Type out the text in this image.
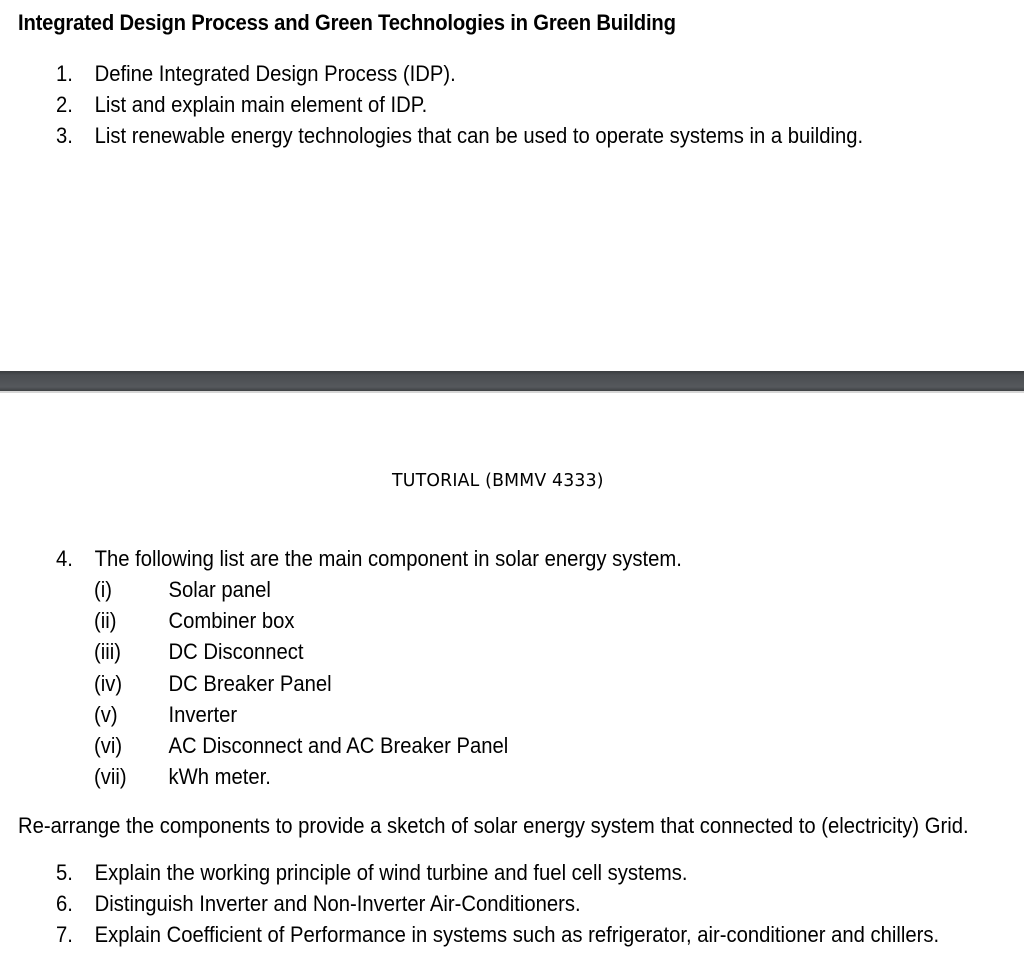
Integrated Design Process and Green Technologies in Green Building
1. Define Integrated Design Process (IDP).
2. List and explain main element of IDP.
3. List renewable energy technologies that can be used to operate systems in a building.
TUTORIAL (BMMV 4333)
4. The following list are the main component in solar energy system.
(i)	Solar panel
(ii) Combiner box
(iii) DC Disconnect
(iv) DC Breaker Panel
(v) Inverter
(vi) AC Disconnect and AC Breaker Panel
(vii) kWh meter.
Re-arrange the components to provide a sketch of solar energy system that connected to (electricity) Grid.
5. Explain the working principle of wind turbine and fuel cell systems.
6. Distinguish Inverter and Non-Inverter Air-Conditioners.
7. Explain Coefficient of Performance in systems such as refrigerator, air-conditioner and chillers.
